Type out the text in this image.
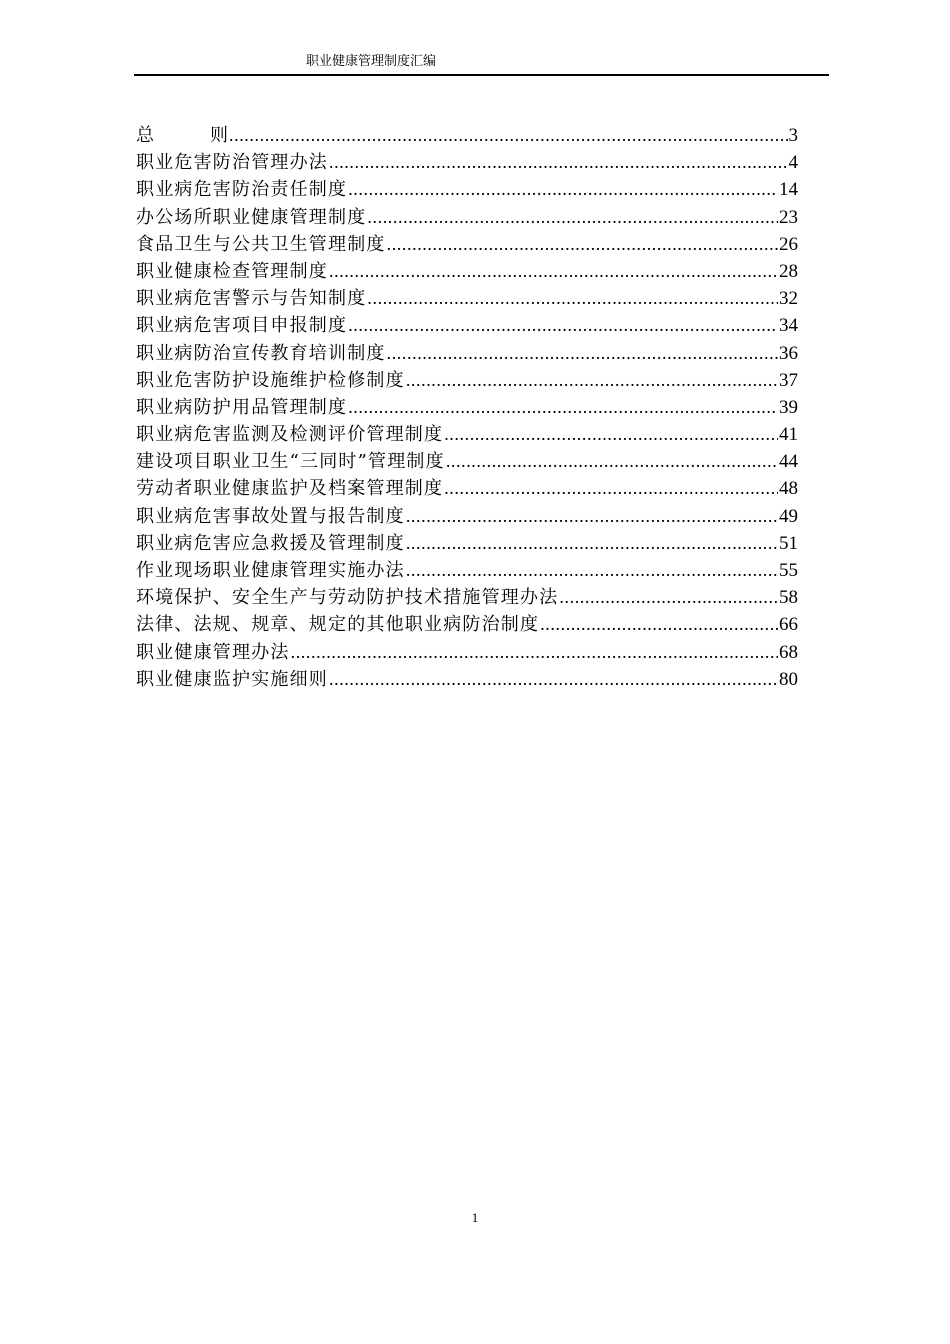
职业健康管理制度汇编
总	则 .....	3
职业危害防治管理办法 .....	4
职业病危害防治责任制度 .....	14
办公场所职业健康管理制度 .....	23
食品卫生与公共卫生管理制度 .....	26
职业健康检查管理制度 .....	28
职业病危害警示与告知制度 .....	32
职业病危害项目申报制度 .....	34
职业病防治宣传教育培训制度 .....	36
职业危害防护设施维护检修制度 .....	37
职业病防护用品管理制度 .....	39
职业病危害监测及检测评价管理制度 .....	41
建设项目职业卫生“三同时”管理制度 .....	44
劳动者职业健康监护及档案管理制度 .....	48
职业病危害事故处置与报告制度 .....	49
职业病危害应急救援及管理制度 .....	51
作业现场职业健康管理实施办法 .....	55
环境保护、安全生产与劳动防护技术措施管理办法 .....	58
法律、法规、规章、规定的其他职业病防治制度 .....	66
职业健康管理办法 .....	68
职业健康监护实施细则 .....	80
1
